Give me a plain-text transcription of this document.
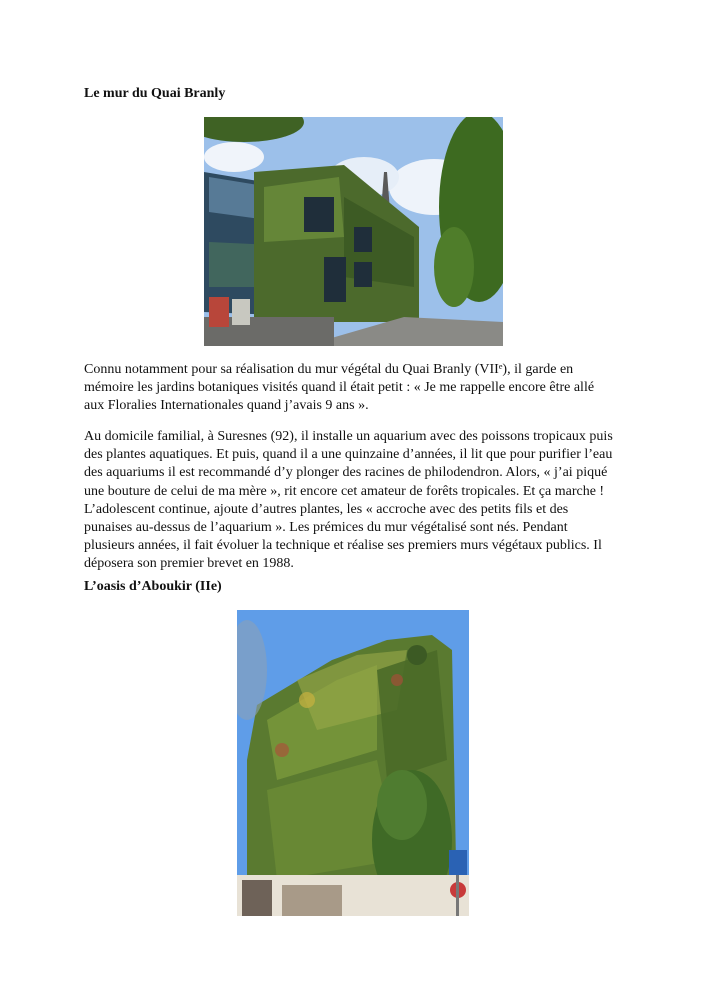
Le mur du Quai Branly

Connu notamment pour sa réalisation du mur végétal du Quai Branly (VIIᵉ), il garde en

mémoire les jardins botaniques visités quand il était petit : « Je me rappelle encore être allé

aux Floralies Internationales quand j’avais 9 ans ».

Au domicile familial, à Suresnes (92), il installe un aquarium avec des poissons tropicaux puis

des plantes aquatiques. Et puis, quand il a une quinzaine d’années, il lit que pour purifier l’eau

des aquariums il est recommandé d’y plonger des racines de philodendron. Alors, « j’ai piqué

une bouture de celui de ma mère », rit encore cet amateur de forêts tropicales. Et ça marche !

L’adolescent continue, ajoute d’autres plantes, les « accroche avec des petits fils et des

punaises au-dessus de l’aquarium ». Les prémices du mur végétalisé sont nés. Pendant

plusieurs années, il fait évoluer la technique et réalise ses premiers murs végétaux publics. Il

déposera son premier brevet en 1988.

L’oasis d’Aboukir (IIe)
